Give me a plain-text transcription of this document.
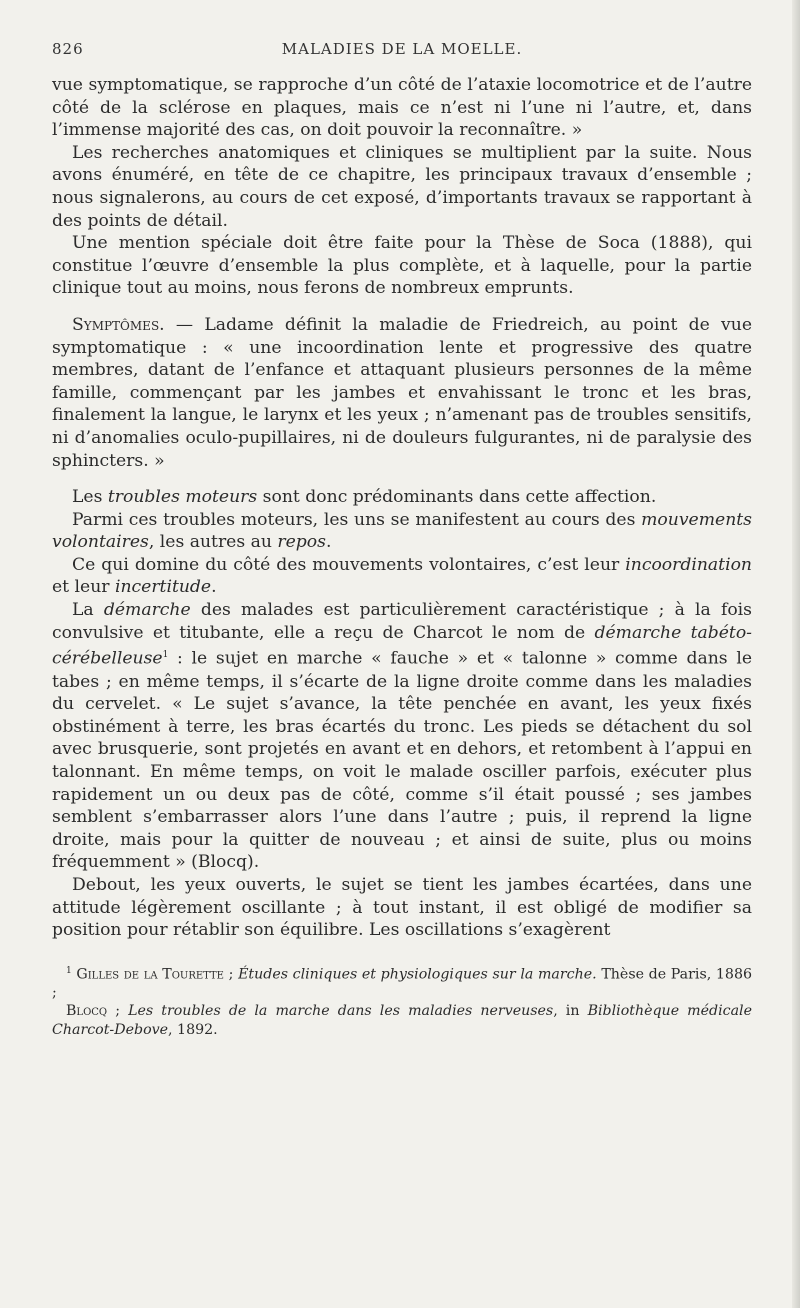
826	MALADIES DE LA MOELLE.

vue symptomatique, se rapproche d’un côté de l’ataxie locomotrice et de l’autre côté de la sclérose en plaques, mais ce n’est ni l’une ni l’autre, et, dans l’immense majorité des cas, on doit pouvoir la reconnaître. »

Les recherches anatomiques et cliniques se multiplient par la suite. Nous avons énuméré, en tête de ce chapitre, les principaux travaux d’ensemble ; nous signalerons, au cours de cet exposé, d’importants travaux se rapportant à des points de détail.

Une mention spéciale doit être faite pour la Thèse de Soca (1888), qui constitue l’œuvre d’ensemble la plus complète, et à laquelle, pour la partie clinique tout au moins, nous ferons de nombreux emprunts.

Symptômes. — Ladame définit la maladie de Friedreich, au point de vue symptomatique : « une incoordination lente et progressive des quatre membres, datant de l’enfance et attaquant plusieurs personnes de la même famille, commençant par les jambes et envahissant le tronc et les bras, finalement la langue, le larynx et les yeux ; n’amenant pas de troubles sensitifs, ni d’anomalies oculo-pupillaires, ni de douleurs fulgurantes, ni de paralysie des sphincters. »

Les troubles moteurs sont donc prédominants dans cette affection.

Parmi ces troubles moteurs, les uns se manifestent au cours des mouvements volontaires, les autres au repos.

Ce qui domine du côté des mouvements volontaires, c’est leur incoordination et leur incertitude.

La démarche des malades est particulièrement caractéristique ; à la fois convulsive et titubante, elle a reçu de Charcot le nom de démarche tabéto-cérébelleuse$^1$ : le sujet en marche « fauche » et « talonne » comme dans le tabes ; en même temps, il s’écarte de la ligne droite comme dans les maladies du cervelet. « Le sujet s’avance, la tête penchée en avant, les yeux fixés obstinément à terre, les bras écartés du tronc. Les pieds se détachent du sol avec brusquerie, sont projetés en avant et en dehors, et retombent à l’appui en talonnant. En même temps, on voit le malade osciller parfois, exécuter plus rapidement un ou deux pas de côté, comme s’il était poussé ; ses jambes semblent s’embarrasser alors l’une dans l’autre ; puis, il reprend la ligne droite, mais pour la quitter de nouveau ; et ainsi de suite, plus ou moins fréquemment » (Blocq).

Debout, les yeux ouverts, le sujet se tient les jambes écartées, dans une attitude légèrement oscillante ; à tout instant, il est obligé de modifier sa position pour rétablir son équilibre. Les oscillations s’exagèrent

$^1$ Gilles de la Tourette ; Études cliniques et physiologiques sur la marche. Thèse de Paris, 1886 ;

Blocq ; Les troubles de la marche dans les maladies nerveuses, in Bibliothèque médicale Charcot-Debove, 1892.
